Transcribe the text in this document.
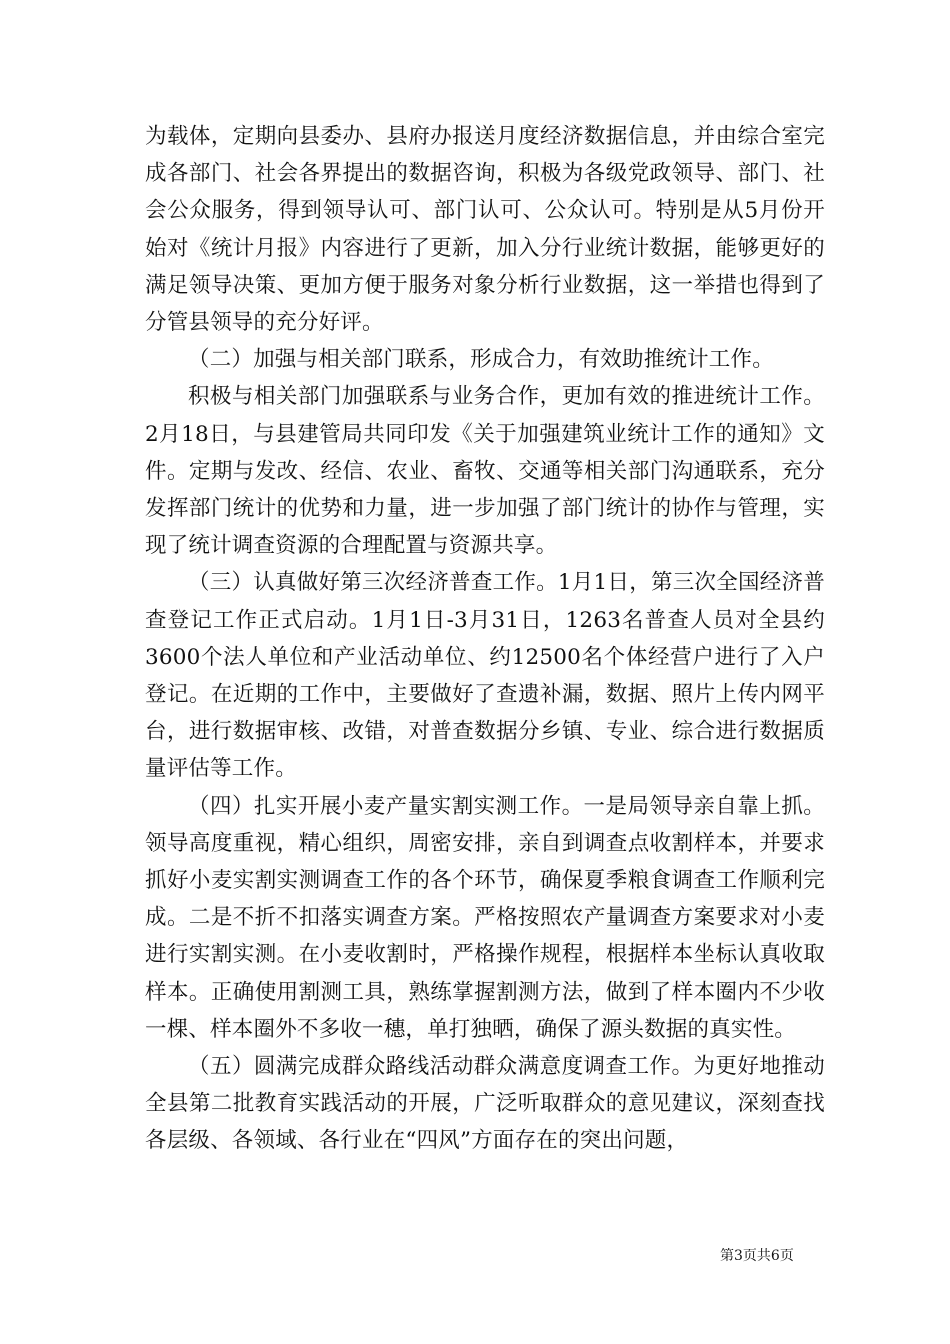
为载体，定期向县委办、县府办报送月度经济数据信息，并由综合室完成各部门、社会各界提出的数据咨询，积极为各级党政领导、部门、社会公众服务，得到领导认可、部门认可、公众认可。特别是从5月份开始对《统计月报》内容进行了更新，加入分行业统计数据，能够更好的满足领导决策、更加方便于服务对象分析行业数据，这一举措也得到了分管县领导的充分好评。

（二）加强与相关部门联系，形成合力，有效助推统计工作。

积极与相关部门加强联系与业务合作，更加有效的推进统计工作。2月18日，与县建管局共同印发《关于加强建筑业统计工作的通知》文件。定期与发改、经信、农业、畜牧、交通等相关部门沟通联系，充分发挥部门统计的优势和力量，进一步加强了部门统计的协作与管理，实现了统计调查资源的合理配置与资源共享。

（三）认真做好第三次经济普查工作。1月1日，第三次全国经济普查登记工作正式启动。1月1日-3月31日，1263名普查人员对全县约3600个法人单位和产业活动单位、约12500名个体经营户进行了入户登记。在近期的工作中，主要做好了查遗补漏，数据、照片上传内网平台，进行数据审核、改错，对普查数据分乡镇、专业、综合进行数据质量评估等工作。

（四）扎实开展小麦产量实割实测工作。一是局领导亲自靠上抓。领导高度重视，精心组织，周密安排，亲自到调查点收割样本，并要求抓好小麦实割实测调查工作的各个环节，确保夏季粮食调查工作顺利完成。二是不折不扣落实调查方案。严格按照农产量调查方案要求对小麦进行实割实测。在小麦收割时，严格操作规程，根据样本坐标认真收取样本。正确使用割测工具，熟练掌握割测方法，做到了样本圈内不少收一棵、样本圈外不多收一穗，单打独晒，确保了源头数据的真实性。

（五）圆满完成群众路线活动群众满意度调查工作。为更好地推动全县第二批教育实践活动的开展，广泛听取群众的意见建议，深刻查找各层级、各领域、各行业在“四风”方面存在的突出问题，

第3页共6页
